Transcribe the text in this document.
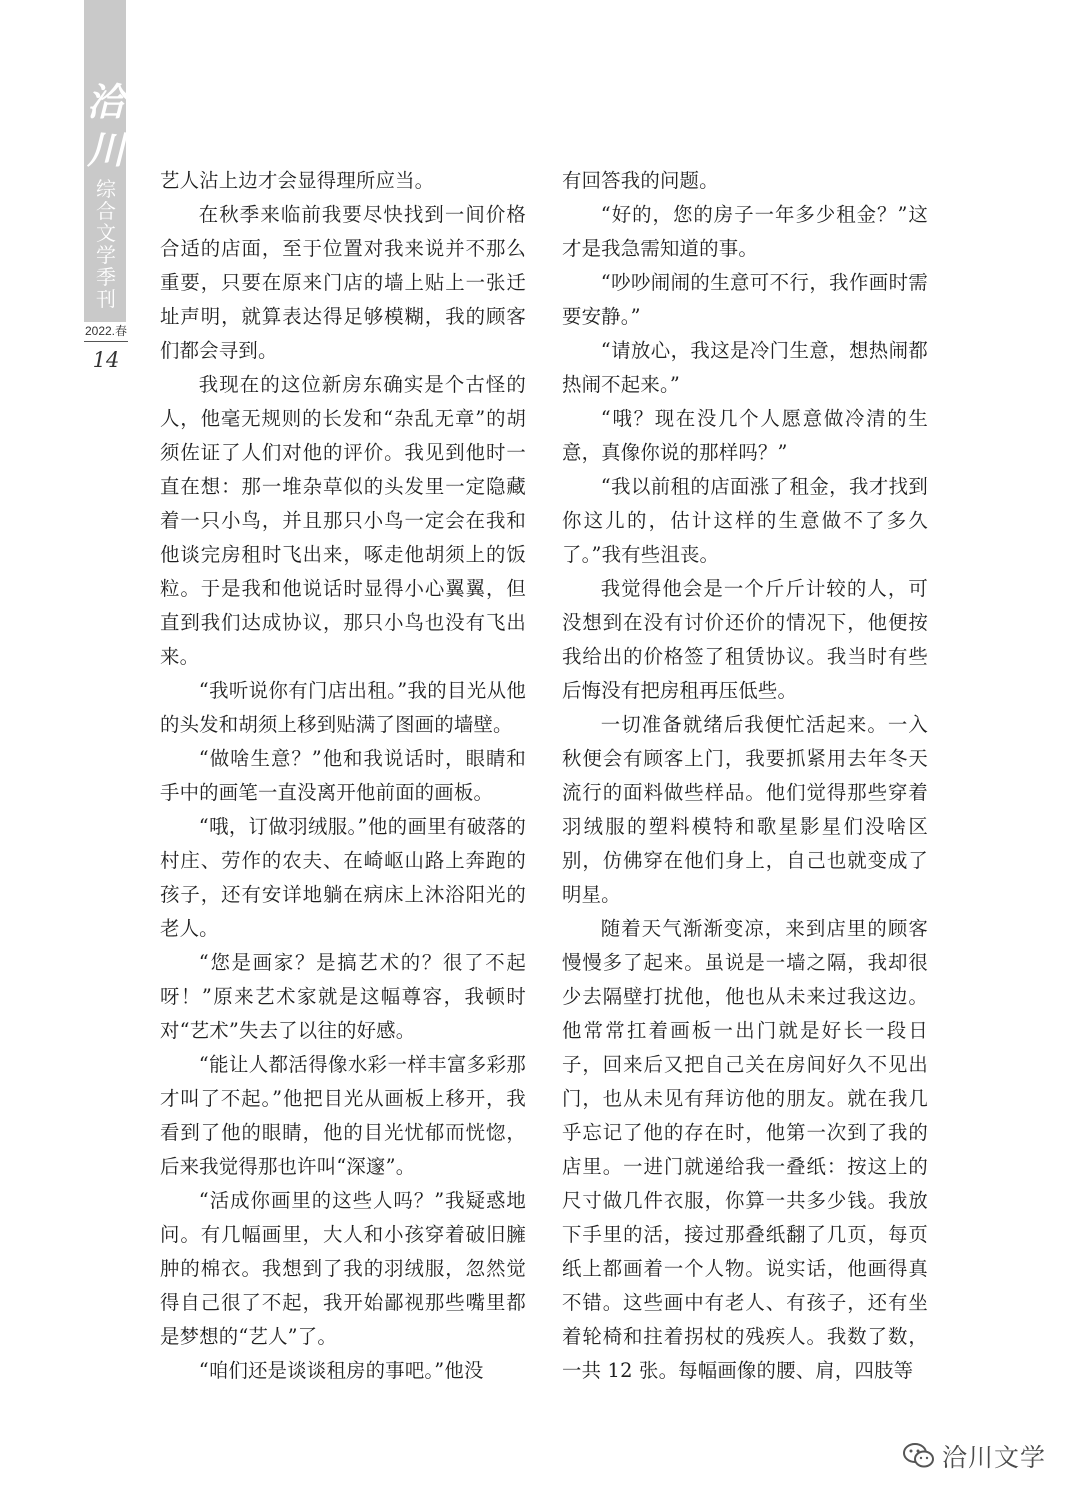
洽
川
综
合
文
学
季
刊
2022.春
14

艺人沾上边才会显得理所应当。

在秋季来临前我要尽快找到一间价格合适的店面，至于位置对我来说并不那么重要，只要在原来门店的墙上贴上一张迁址声明，就算表达得足够模糊，我的顾客们都会寻到。

我现在的这位新房东确实是个古怪的人，他毫无规则的长发和“杂乱无章”的胡须佐证了人们对他的评价。我见到他时一直在想：那一堆杂草似的头发里一定隐藏着一只小鸟，并且那只小鸟一定会在我和他谈完房租时飞出来，啄走他胡须上的饭粒。于是我和他说话时显得小心翼翼，但直到我们达成协议，那只小鸟也没有飞出来。

“我听说你有门店出租。”我的目光从他的头发和胡须上移到贴满了图画的墙壁。

“做啥生意？”他和我说话时，眼睛和手中的画笔一直没离开他前面的画板。

“哦，订做羽绒服。”他的画里有破落的村庄、劳作的农夫、在崎岖山路上奔跑的孩子，还有安详地躺在病床上沐浴阳光的老人。

“您是画家？是搞艺术的？很了不起呀！”原来艺术家就是这幅尊容，我顿时对“艺术”失去了以往的好感。

“能让人都活得像水彩一样丰富多彩那才叫了不起。”他把目光从画板上移开，我看到了他的眼睛，他的目光忧郁而恍惚，后来我觉得那也许叫“深邃”。

“活成你画里的这些人吗？”我疑惑地问。有几幅画里，大人和小孩穿着破旧臃肿的棉衣。我想到了我的羽绒服，忽然觉得自己很了不起，我开始鄙视那些嘴里都是梦想的“艺人”了。

“咱们还是谈谈租房的事吧。”他没

有回答我的问题。

“好的，您的房子一年多少租金？”这才是我急需知道的事。

“吵吵闹闹的生意可不行，我作画时需要安静。”

“请放心，我这是冷门生意，想热闹都热闹不起来。”

“哦？现在没几个人愿意做冷清的生意，真像你说的那样吗？”

“我以前租的店面涨了租金，我才找到你这儿的，估计这样的生意做不了多久了。”我有些沮丧。

我觉得他会是一个斤斤计较的人，可没想到在没有讨价还价的情况下，他便按我给出的价格签了租赁协议。我当时有些后悔没有把房租再压低些。

一切准备就绪后我便忙活起来。一入秋便会有顾客上门，我要抓紧用去年冬天流行的面料做些样品。他们觉得那些穿着羽绒服的塑料模特和歌星影星们没啥区别，仿佛穿在他们身上，自己也就变成了明星。

随着天气渐渐变凉，来到店里的顾客慢慢多了起来。虽说是一墙之隔，我却很少去隔壁打扰他，他也从未来过我这边。他常常扛着画板一出门就是好长一段日子，回来后又把自己关在房间好久不见出门，也从未见有拜访他的朋友。就在我几乎忘记了他的存在时，他第一次到了我的店里。一进门就递给我一叠纸：按这上的尺寸做几件衣服，你算一共多少钱。我放下手里的活，接过那叠纸翻了几页，每页纸上都画着一个人物。说实话，他画得真不错。这些画中有老人、有孩子，还有坐着轮椅和拄着拐杖的残疾人。我数了数，一共 12 张。每幅画像的腰、肩，四肢等

洽川文学
